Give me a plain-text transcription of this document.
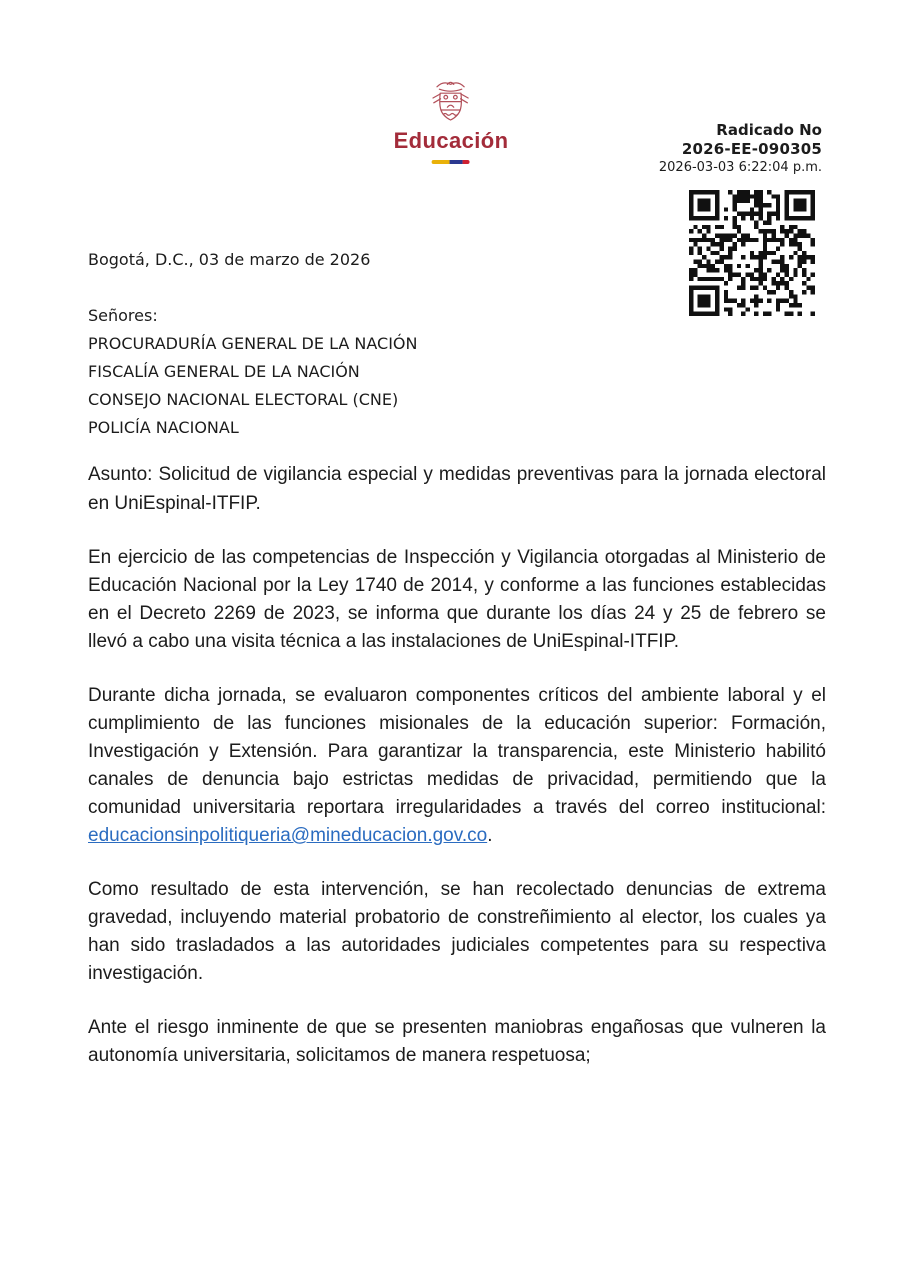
Educación	Radicado No
2026-EE-090305
2026-03-03 6:22:04 p.m.

Bogotá, D.C., 03 de marzo de 2026

Señores:

PROCURADURÍA GENERAL DE LA NACIÓN

FISCALÍA GENERAL DE LA NACIÓN

CONSEJO NACIONAL ELECTORAL (CNE)

POLICÍA NACIONAL

Asunto: Solicitud de vigilancia especial y medidas preventivas para la jornada electoral en UniEspinal-ITFIP.

En ejercicio de las competencias de Inspección y Vigilancia otorgadas al Ministerio de Educación Nacional por la Ley 1740 de 2014, y conforme a las funciones establecidas en el Decreto 2269 de 2023, se informa que durante los días 24 y 25 de febrero se llevó a cabo una visita técnica a las instalaciones de UniEspinal-ITFIP.

Durante dicha jornada, se evaluaron componentes críticos del ambiente laboral y el cumplimiento de las funciones misionales de la educación superior: Formación, Investigación y Extensión. Para garantizar la transparencia, este Ministerio habilitó canales de denuncia bajo estrictas medidas de privacidad, permitiendo que la comunidad universitaria reportara irregularidades a través del correo institucional: educacionsinpolitiqueria@mineducacion.gov.co.

Como resultado de esta intervención, se han recolectado denuncias de extrema gravedad, incluyendo material probatorio de constreñimiento al elector, los cuales ya han sido trasladados a las autoridades judiciales competentes para su respectiva investigación.

Ante el riesgo inminente de que se presenten maniobras engañosas que vulneren la autonomía universitaria, solicitamos de manera respetuosa;
